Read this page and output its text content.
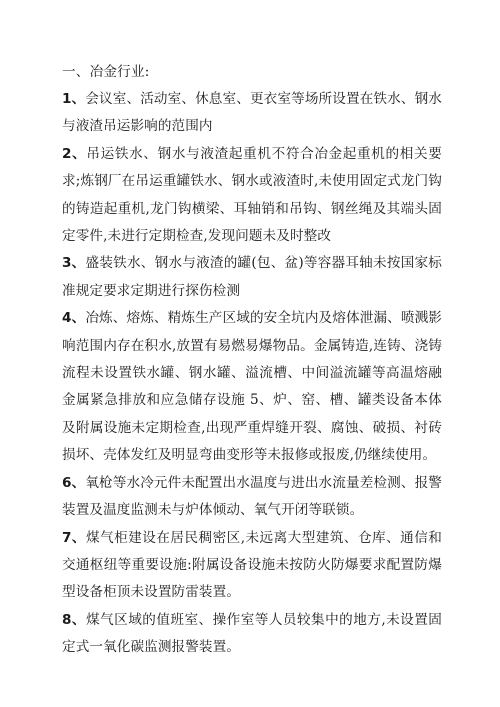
一、冶金行业:

1、会议室、活动室、休息室、更衣室等场所设置在铁水、钢水与液渣吊运影响的范围内

2、吊运铁水、钢水与液渣起重机不符合冶金起重机的相关要求;炼钢厂在吊运重罐铁水、钢水或液渣时,未使用固定式龙门钩的铸造起重机,龙门钩横梁、耳轴销和吊钩、钢丝绳及其端头固定零件,未进行定期检查,发现问题未及时整改

3、盛装铁水、钢水与液渣的罐(包、盆)等容器耳轴未按国家标准规定要求定期进行探伤检测

4、冶炼、熔炼、精炼生产区域的安全坑内及熔体泄漏、喷溅影响范围内存在积水,放置有易燃易爆物品。金属铸造,连铸、浇铸流程未设置铁水罐、钢水罐、溢流槽、中间溢流罐等高温熔融金属紧急排放和应急储存设施 5、炉、窑、槽、罐类设备本体及附属设施未定期检查,出现严重焊缝开裂、腐蚀、破损、衬砖损坏、壳体发红及明显弯曲变形等未报修或报废,仍继续使用。

6、氧枪等水冷元件未配置出水温度与进出水流量差检测、报警装置及温度监测未与炉体倾动、氧气开闭等联锁。

7、煤气柜建设在居民稠密区,未远离大型建筑、仓库、通信和交通枢纽等重要设施:附属设备设施未按防火防爆要求配置防爆型设备柜顶未设置防雷装置。

8、煤气区域的值班室、操作室等人员较集中的地方,未设置固定式一氧化碳监测报警装置。
